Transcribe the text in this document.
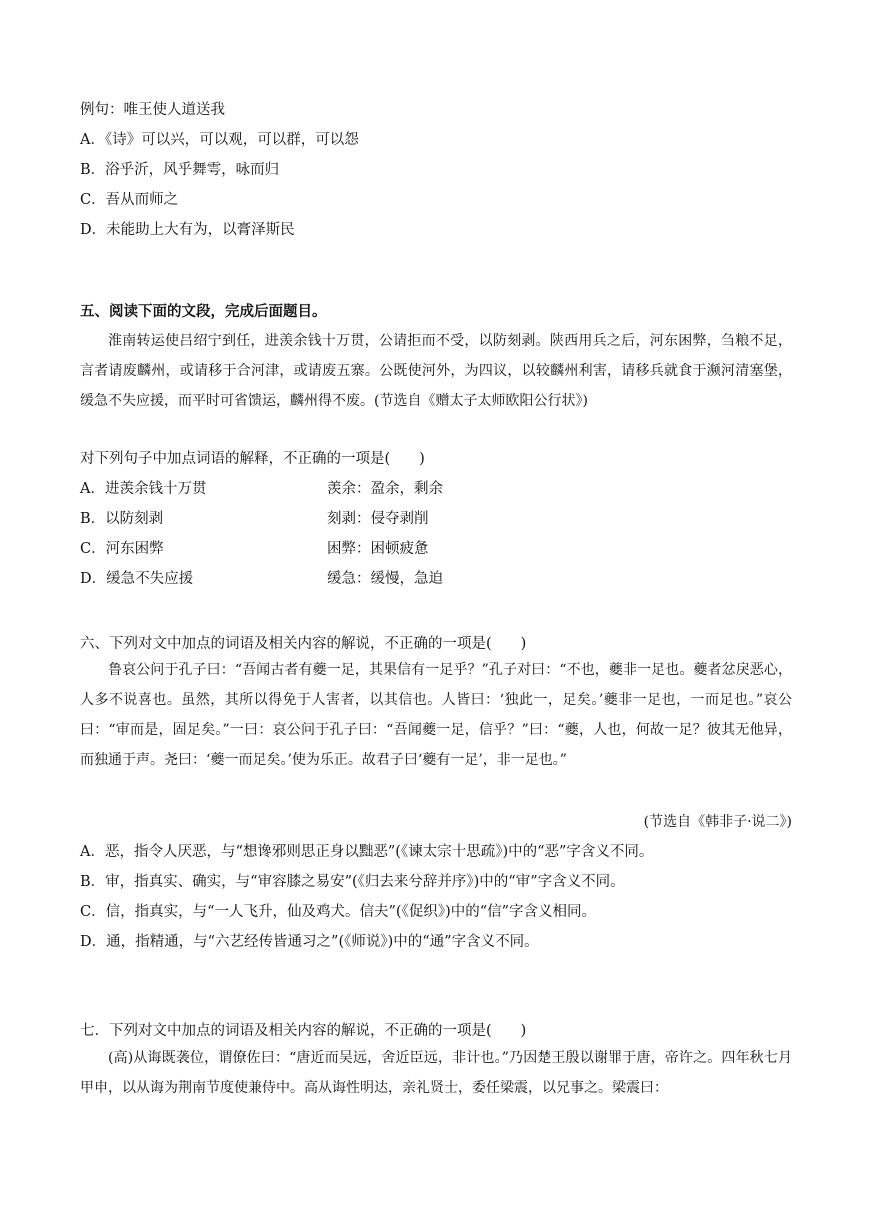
例句：唯王使人道送我
A．《诗》可以兴，可以观，可以群，可以怨
B．浴乎沂，风乎舞雩，咏而归
C．吾从而师之
D．未能助上大有为，以膏泽斯民
五、阅读下面的文段，完成后面题目。
淮南转运使吕绍宁到任，进羡余钱十万贯，公请拒而不受，以防刻剥。陕西用兵之后，河东困弊，刍粮不足，言者请废麟州，或请移于合河津，或请废五寨。公既使河外，为四议，以较麟州利害，请移兵就食于濒河清塞堡，缓急不失应援，而平时可省馈运，麟州得不废。(节选自《赠太子太师欧阳公行状》)
对下列句子中加点词语的解释，不正确的一项是(　　)
A．进羡余钱十万贯	羡余：盈余，剩余
B．以防刻剥	刻剥：侵夺剥削
C．河东困弊	困弊：困顿疲惫
D．缓急不失应援	缓急：缓慢，急迫
六、下列对文中加点的词语及相关内容的解说，不正确的一项是(　　)
鲁哀公问于孔子曰：“吾闻古者有夔一足，其果信有一足乎？”孔子对曰：“不也，夔非一足也。夔者忿戾恶心，人多不说喜也。虽然，其所以得免于人害者，以其信也。人皆曰：‘独此一，足矣。’夔非一足也，一而足也。”哀公曰：“审而是，固足矣。”一曰：哀公问于孔子曰：“吾闻夔一足，信乎？”曰：“夔，人也，何故一足？彼其无他异，而独通于声。尧曰：‘夔一而足矣。’使为乐正。故君子曰‘夔有一足’，非一足也。”
(节选自《韩非子·说二》)
A．恶，指令人厌恶，与“想谗邪则思正身以黜恶”(《谏太宗十思疏》)中的“恶”字含义不同。
B．审，指真实、确实，与“审容膝之易安”(《归去来兮辞并序》)中的“审”字含义不同。
C．信，指真实，与“一人飞升，仙及鸡犬。信夫”(《促织》)中的“信”字含义相同。
D．通，指精通，与“六艺经传皆通习之”(《师说》)中的“通”字含义不同。
七．下列对文中加点的词语及相关内容的解说，不正确的一项是(　　)
(高)从诲既袭位，谓僚佐曰：“唐近而吴远，舍近臣远，非计也。”乃因楚王殷以谢罪于唐，帝许之。四年秋七月甲申，以从诲为荆南节度使兼侍中。高从诲性明达，亲礼贤士，委任梁震，以兄事之。梁震曰：
